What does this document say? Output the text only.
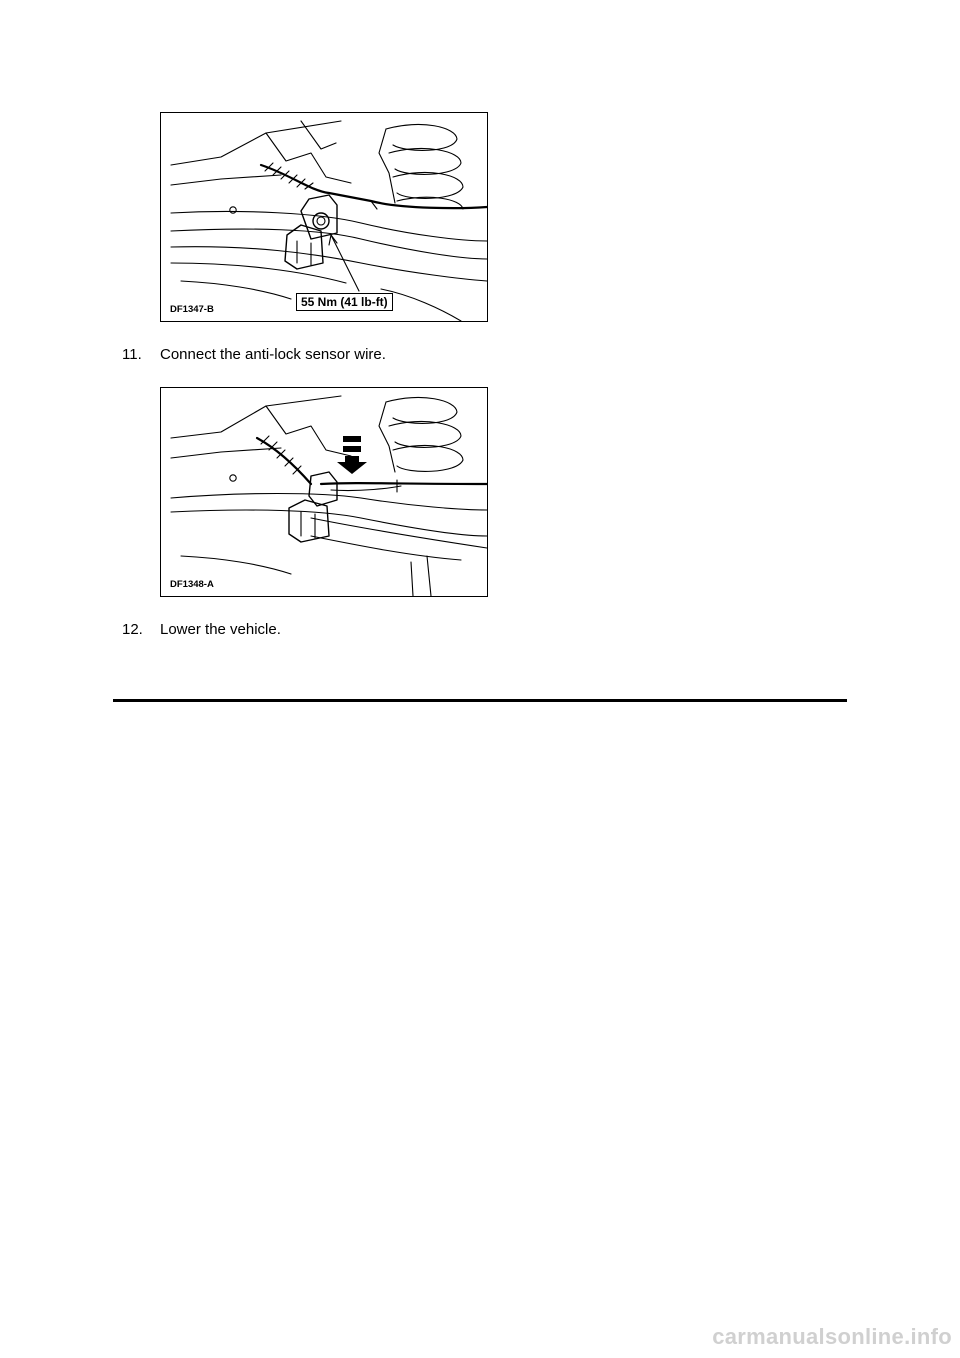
DF1347-B
55 Nm (41 lb-ft)
11. Connect the anti-lock sensor wire.
DF1348-A
12. Lower the vehicle.
carmanualsonline.info
